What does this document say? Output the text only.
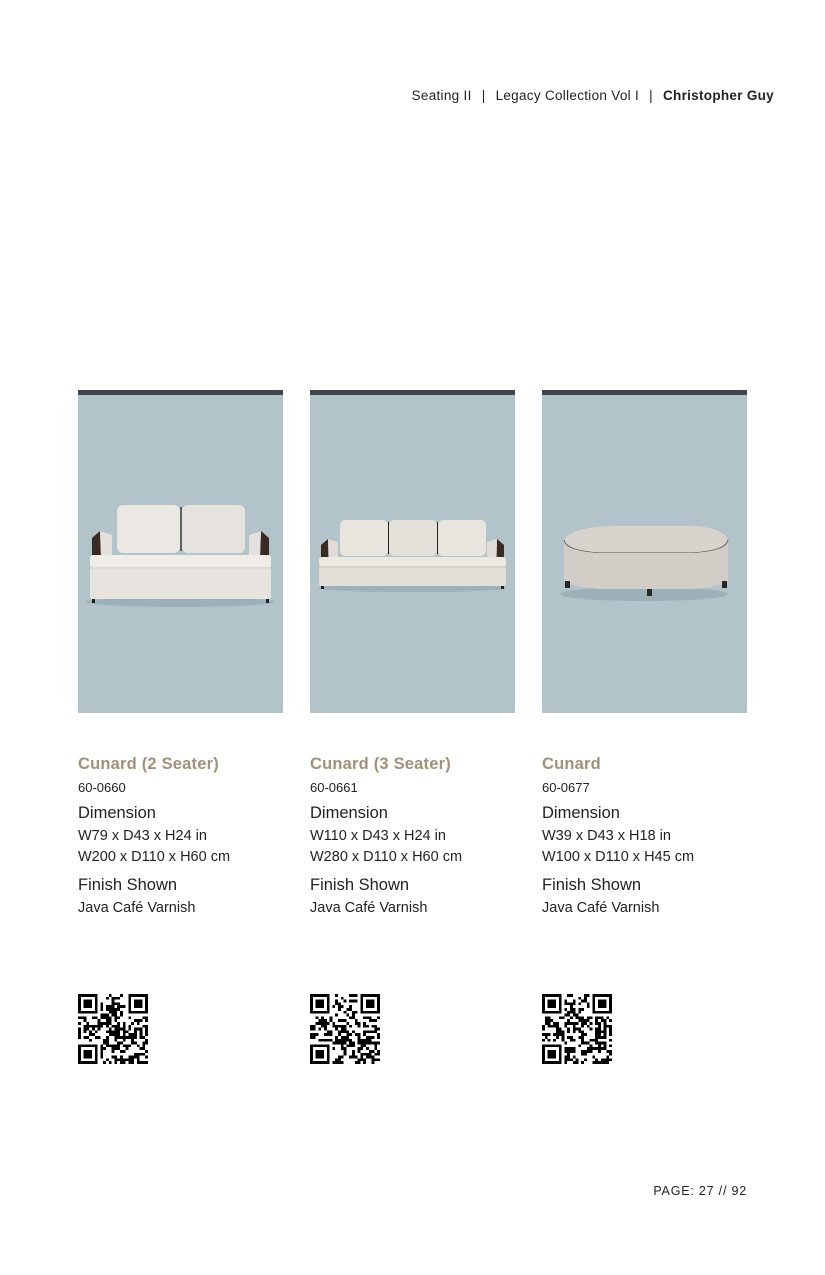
Seating II | Legacy Collection Vol I | Christopher Guy
Cunard (2 Seater)
60-0660
Dimension
W79 x D43 x H24 in
W200 x D110 x H60 cm
Finish Shown
Java Café Varnish
Cunard (3 Seater)
60-0661
Dimension
W110 x D43 x H24 in
W280 x D110 x H60 cm
Finish Shown
Java Café Varnish
Cunard
60-0677
Dimension
W39 x D43 x H18 in
W100 x D110 x H45 cm
Finish Shown
Java Café Varnish
PAGE: 27 // 92
